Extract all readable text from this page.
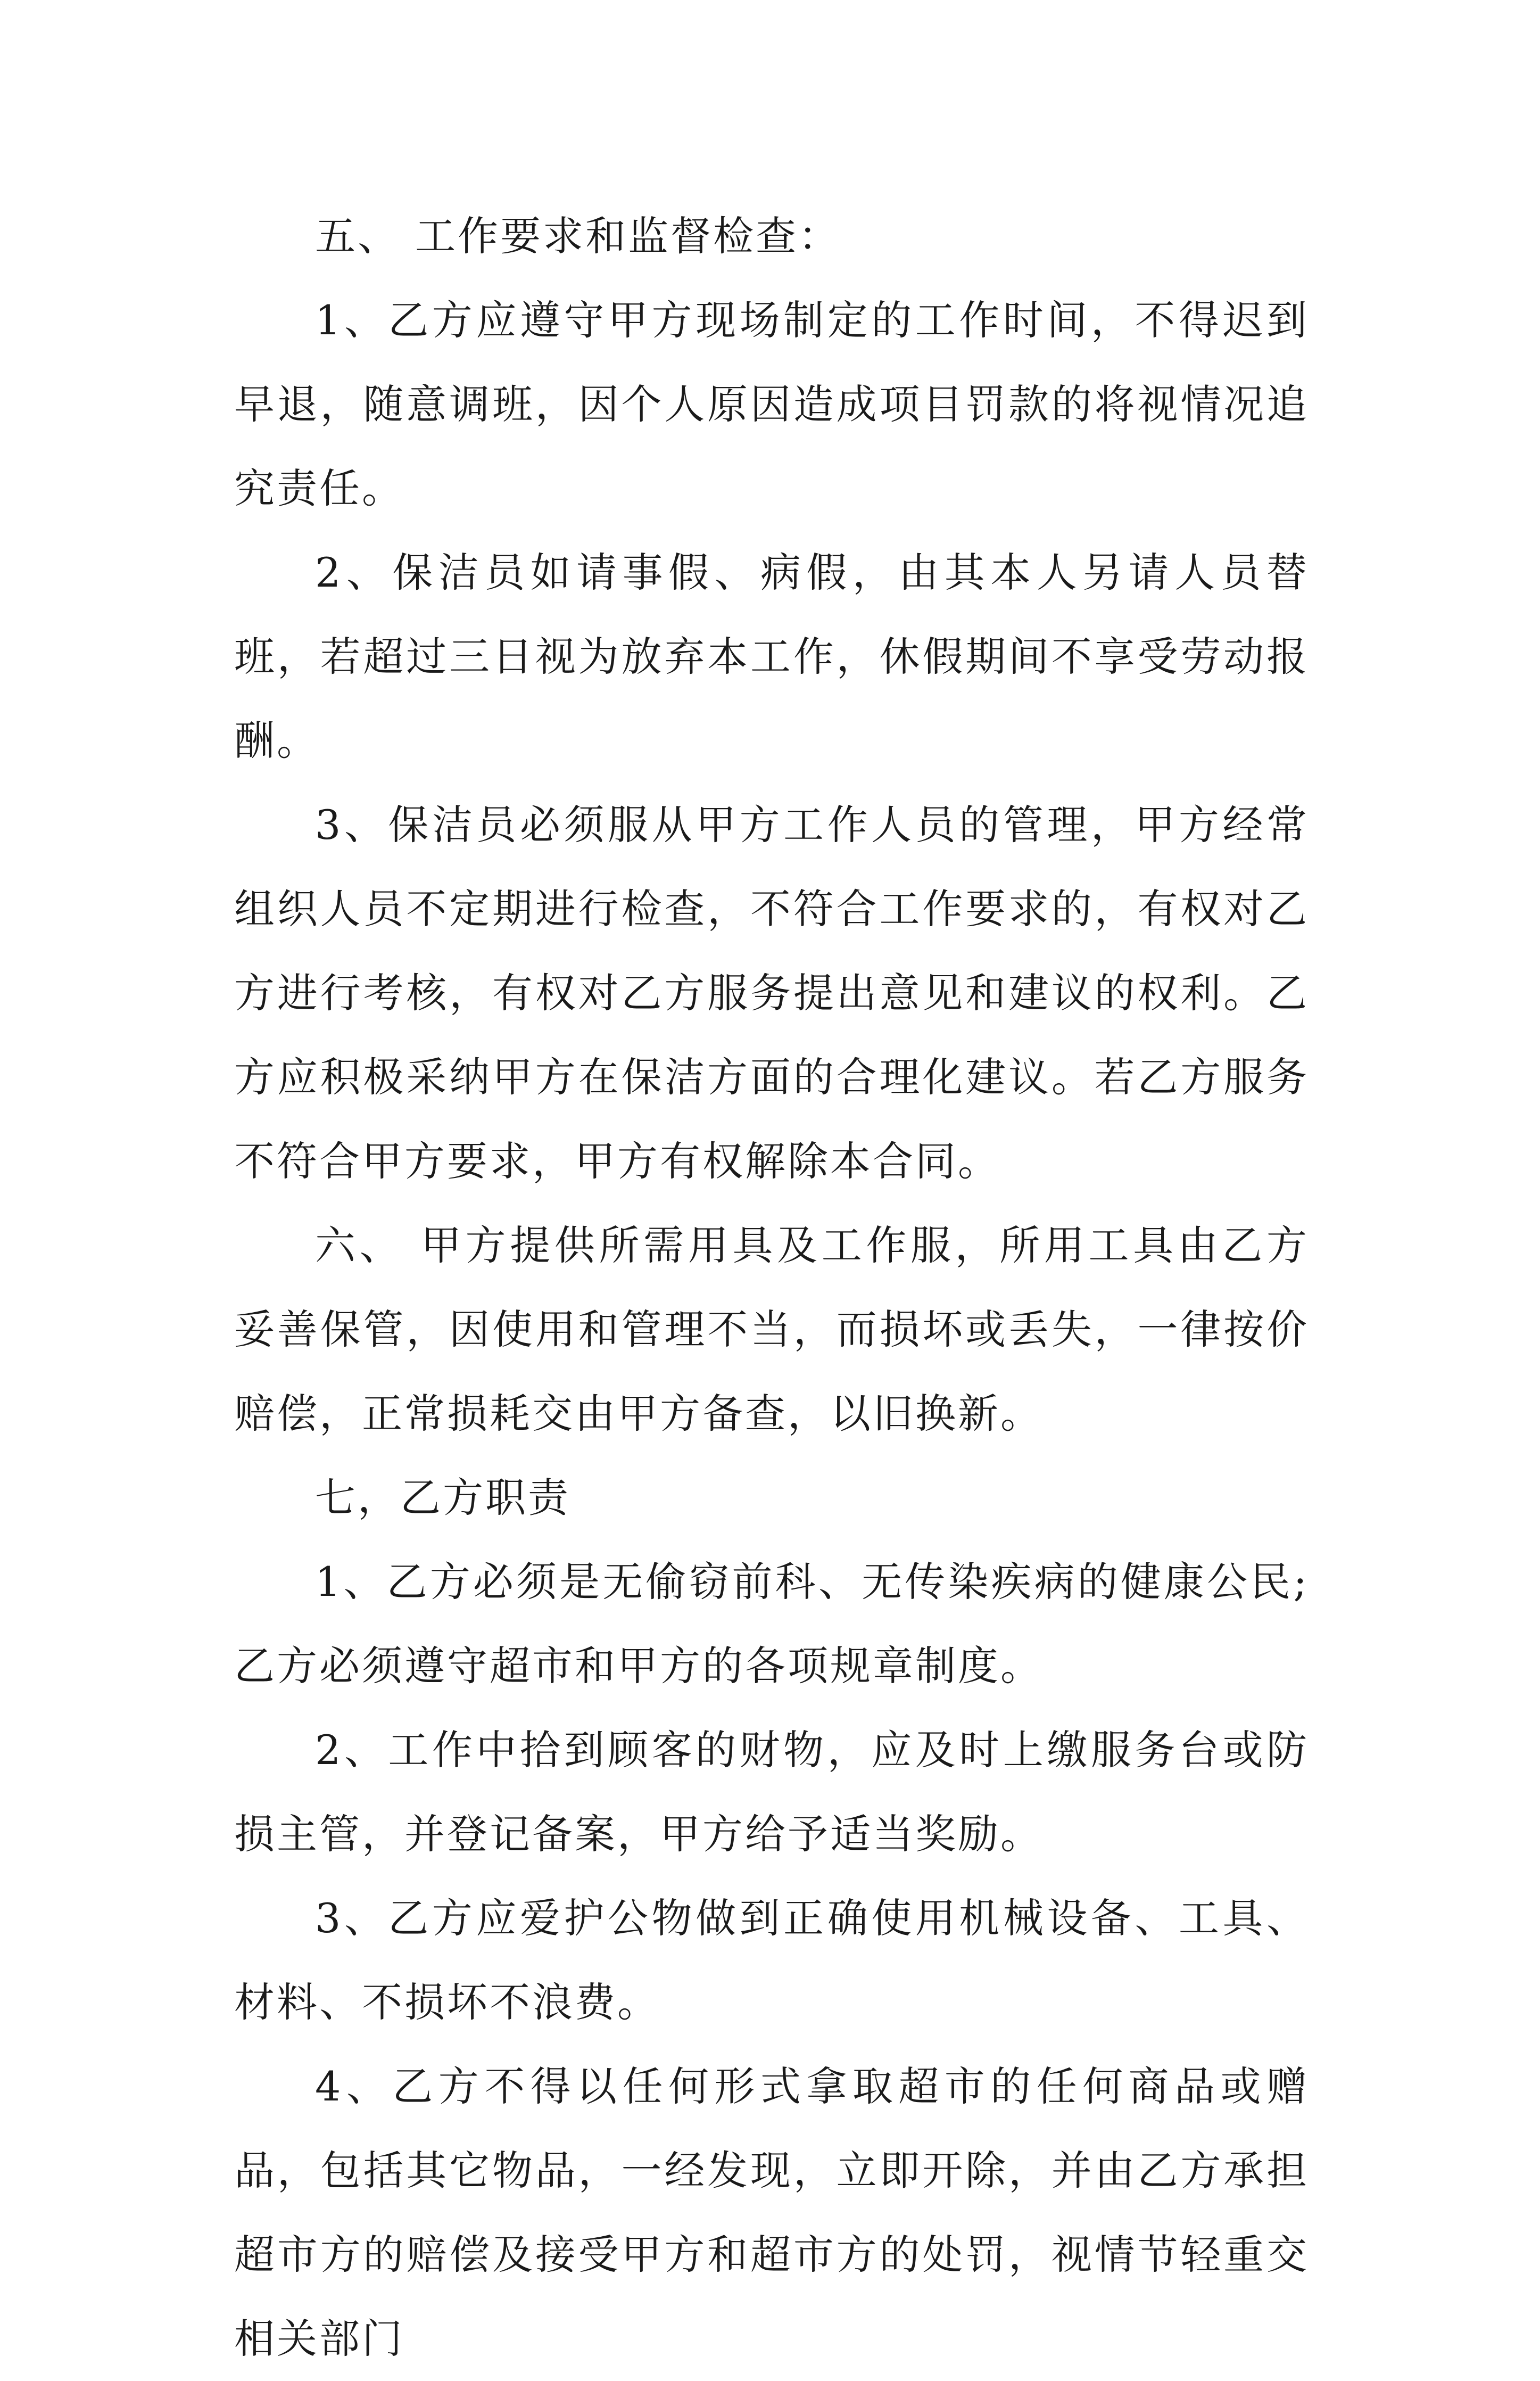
五、 工作要求和监督检查：

1、乙方应遵守甲方现场制定的工作时间，不得迟到早退，随意调班，因个人原因造成项目罚款的将视情况追究责任。

2、保洁员如请事假、病假，由其本人另请人员替班，若超过三日视为放弃本工作，休假期间不享受劳动报酬。

3、保洁员必须服从甲方工作人员的管理，甲方经常组织人员不定期进行检查，不符合工作要求的，有权对乙方进行考核，有权对乙方服务提出意见和建议的权利。乙方应积极采纳甲方在保洁方面的合理化建议。若乙方服务不符合甲方要求，甲方有权解除本合同。

六、 甲方提供所需用具及工作服，所用工具由乙方妥善保管，因使用和管理不当，而损坏或丢失，一律按价赔偿，正常损耗交由甲方备查，以旧换新。

七，乙方职责

1、乙方必须是无偷窃前科、无传染疾病的健康公民;乙方必须遵守超市和甲方的各项规章制度。

2、工作中拾到顾客的财物，应及时上缴服务台或防损主管，并登记备案，甲方给予适当奖励。

3、乙方应爱护公物做到正确使用机械设备、工具、材料、不损坏不浪费。

4、乙方不得以任何形式拿取超市的任何商品或赠品，包括其它物品，一经发现，立即开除，并由乙方承担超市方的赔偿及接受甲方和超市方的处罚，视情节轻重交相关部门
